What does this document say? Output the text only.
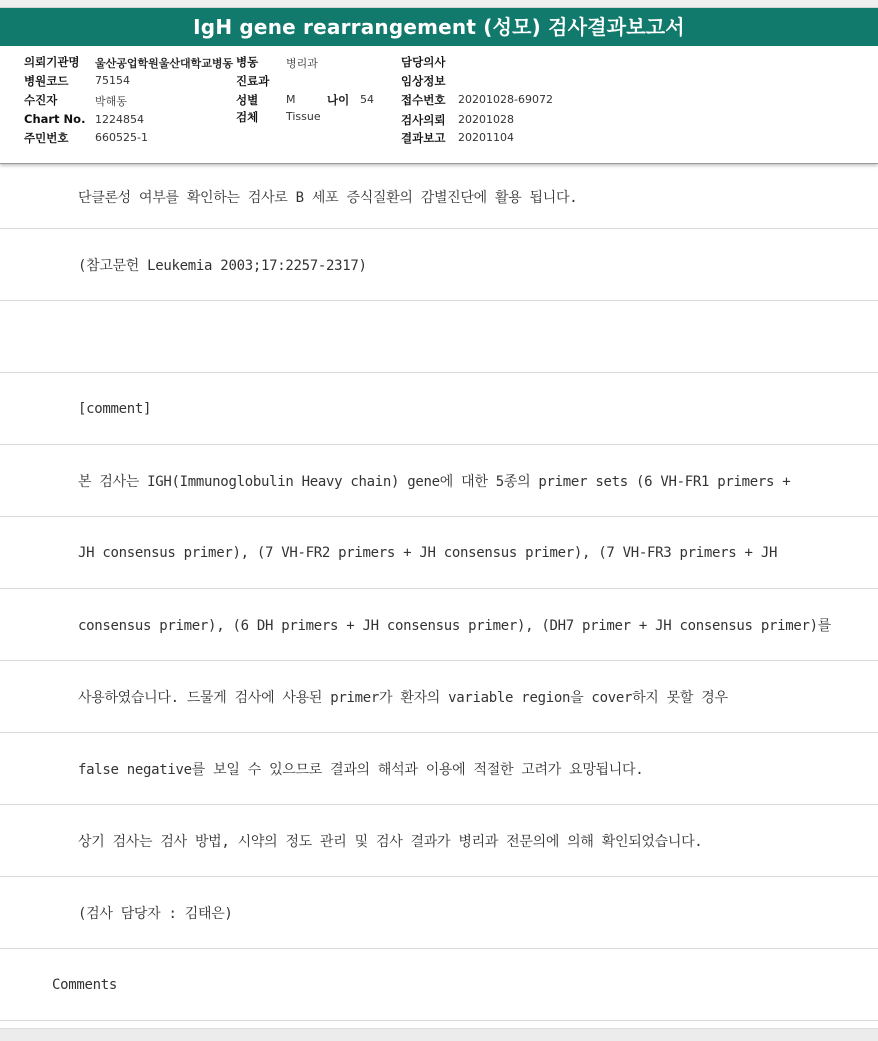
IgH gene rearrangement (성모) 검사결과보고서
의뢰기관명 울산공업학원울산대학교병동 병동	병리과	담당의사
병원코드 75154	진료과	임상정보
수진자	박해동	성별	M	나이 54 접수번호 20201028-69072
Chart No. 1224854	검체	Tissue	검사의뢰 20201028
주민번호 660525-1	결과보고 20201104
단클론성 여부를 확인하는 검사로 B 세포 증식질환의 감별진단에 활용 됩니다.
(참고문헌 Leukemia 2003;17:2257-2317)
[comment]
본 검사는 IGH(Immunoglobulin Heavy chain) gene에 대한 5종의 primer sets (6 VH-FR1 primers +
JH consensus primer), (7 VH-FR2 primers + JH consensus primer), (7 VH-FR3 primers + JH
consensus primer), (6 DH primers + JH consensus primer), (DH7 primer + JH consensus primer)를
사용하였습니다. 드물게 검사에 사용된 primer가 환자의 variable region을 cover하지 못할 경우
false negative를 보일 수 있으므로 결과의 해석과 이용에 적절한 고려가 요망됩니다.
상기 검사는 검사 방법, 시약의 정도 관리 및 검사 결과가 병리과 전문의에 의해 확인되었습니다.
(검사 담당자 : 김태은)
Comments
